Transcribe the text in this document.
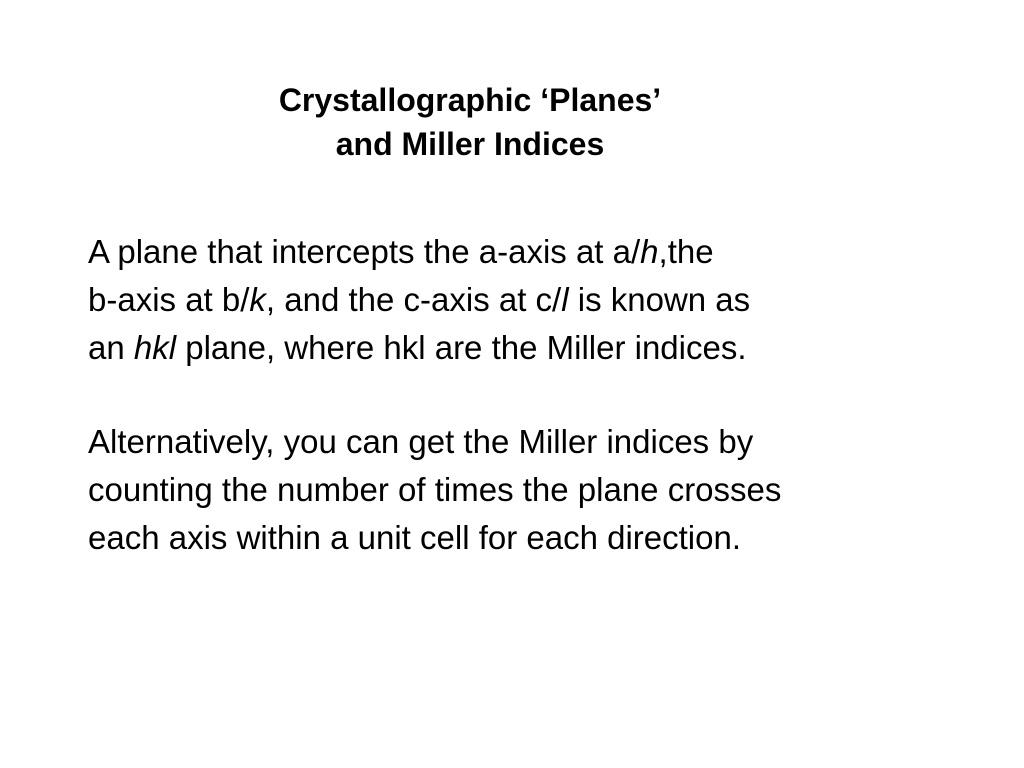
Crystallographic ‘Planes’
and Miller Indices

A plane that intercepts the a-axis at a/h,the
b-axis at b/k, and the c-axis at c/l is known as
an hkl plane, where hkl are the Miller indices.

Alternatively, you can get the Miller indices by
counting the number of times the plane crosses
each axis within a unit cell for each direction.
